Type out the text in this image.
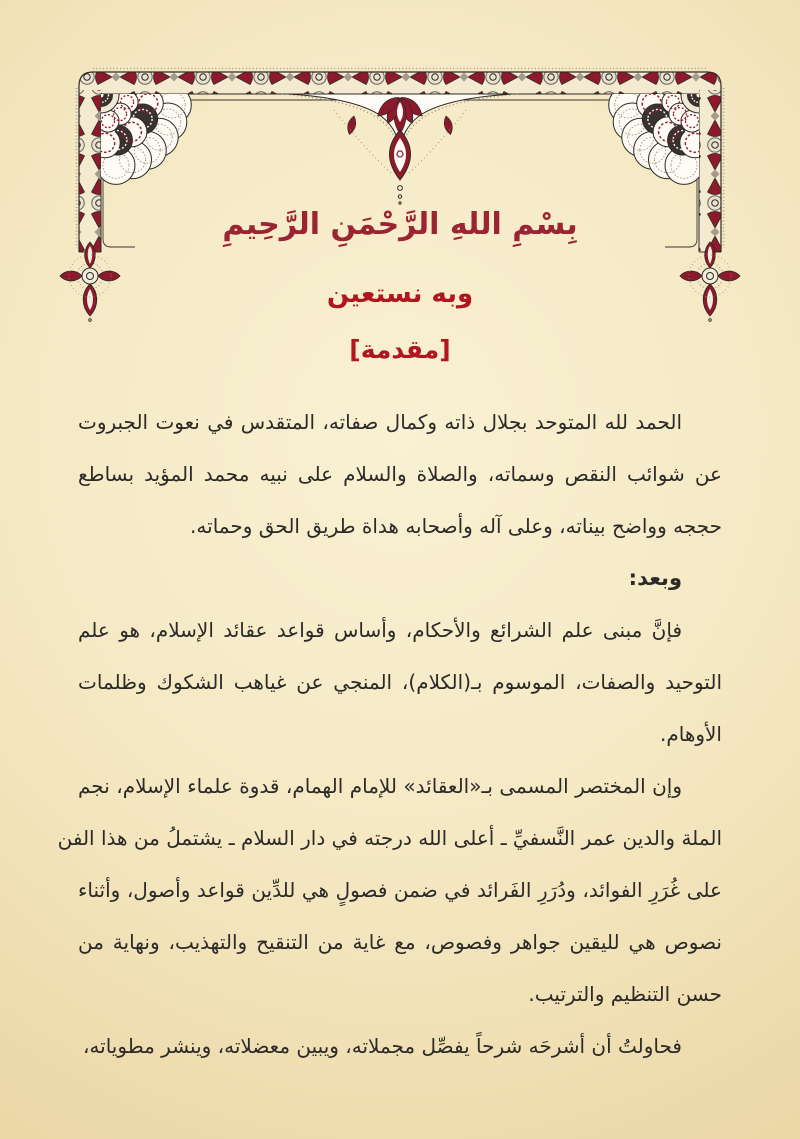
بِسْمِ اللهِ الرَّحْمَنِ الرَّحِيمِ
وبه نستعين
[مقدمة]
الحمد لله المتوحد بجلال ذاته وكمال صفاته، المتقدس في نعوت الجبروت
عن شوائب النقص وسماته، والصلاة والسلام على نبيه محمد المؤيد بساطع
حججه وواضح بيناته، وعلى آله وأصحابه هداة طريق الحق وحماته.
وبعد:
فإنَّ مبنى علم الشرائع والأحكام، وأساس قواعد عقائد الإسلام، هو علم
التوحيد والصفات، الموسوم بـ(الكلام)، المنجي عن غياهب الشكوك وظلمات
الأوهام.
وإن المختصر المسمى بـ«العقائد» للإمام الهمام، قدوة علماء الإسلام، نجم
الملة والدين عمر النَّسفيِّ ـ أعلى الله درجته في دار السلام ـ يشتملُ من هذا الفن
على غُرَرِ الفوائد، ودُرَرِ الفَرائد في ضمن فصولٍ هي للدِّين قواعد وأصول، وأثناء
نصوص هي لليقين جواهر وفصوص، مع غاية من التنقيح والتهذيب، ونهاية من
حسن التنظيم والترتيب.
فحاولتُ أن أشرحَه شرحاً يفصِّل مجملاته، ويبين معضلاته، وينشر مطوياته،
